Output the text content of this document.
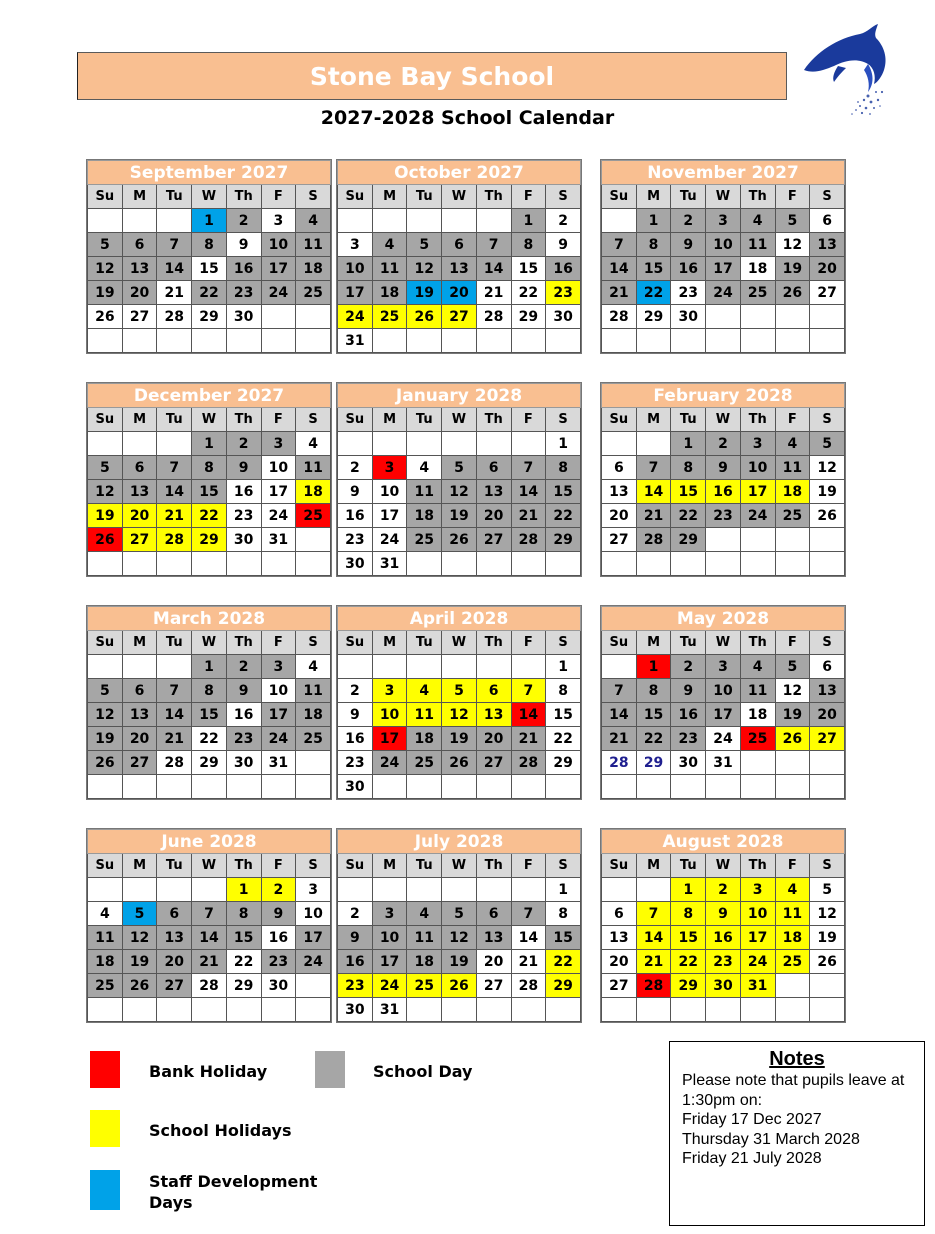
Stone Bay School
2027-2028 School Calendar
September 2027						
Su	M	Tu	W	Th	F	S
			1	2	3	4
5	6	7	8	9	10	11
12	13	14	15	16	17	18
19	20	21	22	23	24	25
26	27	28	29	30		

October 2027						
Su	M	Tu	W	Th	F	S
					1	2
3	4	5	6	7	8	9
10	11	12	13	14	15	16
17	18	19	20	21	22	23
24	25	26	27	28	29	30
31						
November 2027						
Su	M	Tu	W	Th	F	S
	1	2	3	4	5	6
7	8	9	10	11	12	13
14	15	16	17	18	19	20
21	22	23	24	25	26	27
28	29	30				

December 2027						
Su	M	Tu	W	Th	F	S
			1	2	3	4
5	6	7	8	9	10	11
12	13	14	15	16	17	18
19	20	21	22	23	24	25
26	27	28	29	30	31	

January 2028						
Su	M	Tu	W	Th	F	S
						1
2	3	4	5	6	7	8
9	10	11	12	13	14	15
16	17	18	19	20	21	22
23	24	25	26	27	28	29
30	31					
February 2028						
Su	M	Tu	W	Th	F	S
		1	2	3	4	5
6	7	8	9	10	11	12
13	14	15	16	17	18	19
20	21	22	23	24	25	26
27	28	29				

March 2028						
Su	M	Tu	W	Th	F	S
			1	2	3	4
5	6	7	8	9	10	11
12	13	14	15	16	17	18
19	20	21	22	23	24	25
26	27	28	29	30	31	

April 2028						
Su	M	Tu	W	Th	F	S
						1
2	3	4	5	6	7	8
9	10	11	12	13	14	15
16	17	18	19	20	21	22
23	24	25	26	27	28	29
30						
May 2028						
Su	M	Tu	W	Th	F	S
	1	2	3	4	5	6
7	8	9	10	11	12	13
14	15	16	17	18	19	20
21	22	23	24	25	26	27
28	29	30	31			

June 2028						
Su	M	Tu	W	Th	F	S
				1	2	3
4	5	6	7	8	9	10
11	12	13	14	15	16	17
18	19	20	21	22	23	24
25	26	27	28	29	30	

July 2028						
Su	M	Tu	W	Th	F	S
						1
2	3	4	5	6	7	8
9	10	11	12	13	14	15
16	17	18	19	20	21	22
23	24	25	26	27	28	29
30	31					
August 2028						
Su	M	Tu	W	Th	F	S
		1	2	3	4	5
6	7	8	9	10	11	12
13	14	15	16	17	18	19
20	21	22	23	24	25	26
27	28	29	30	31		

Bank Holiday	School Day
School Holidays
Staff Development Days
Notes
Please note that pupils leave at 1:30pm on:
Friday 17 Dec 2027
Thursday 31 March 2028
Friday 21 July 2028
